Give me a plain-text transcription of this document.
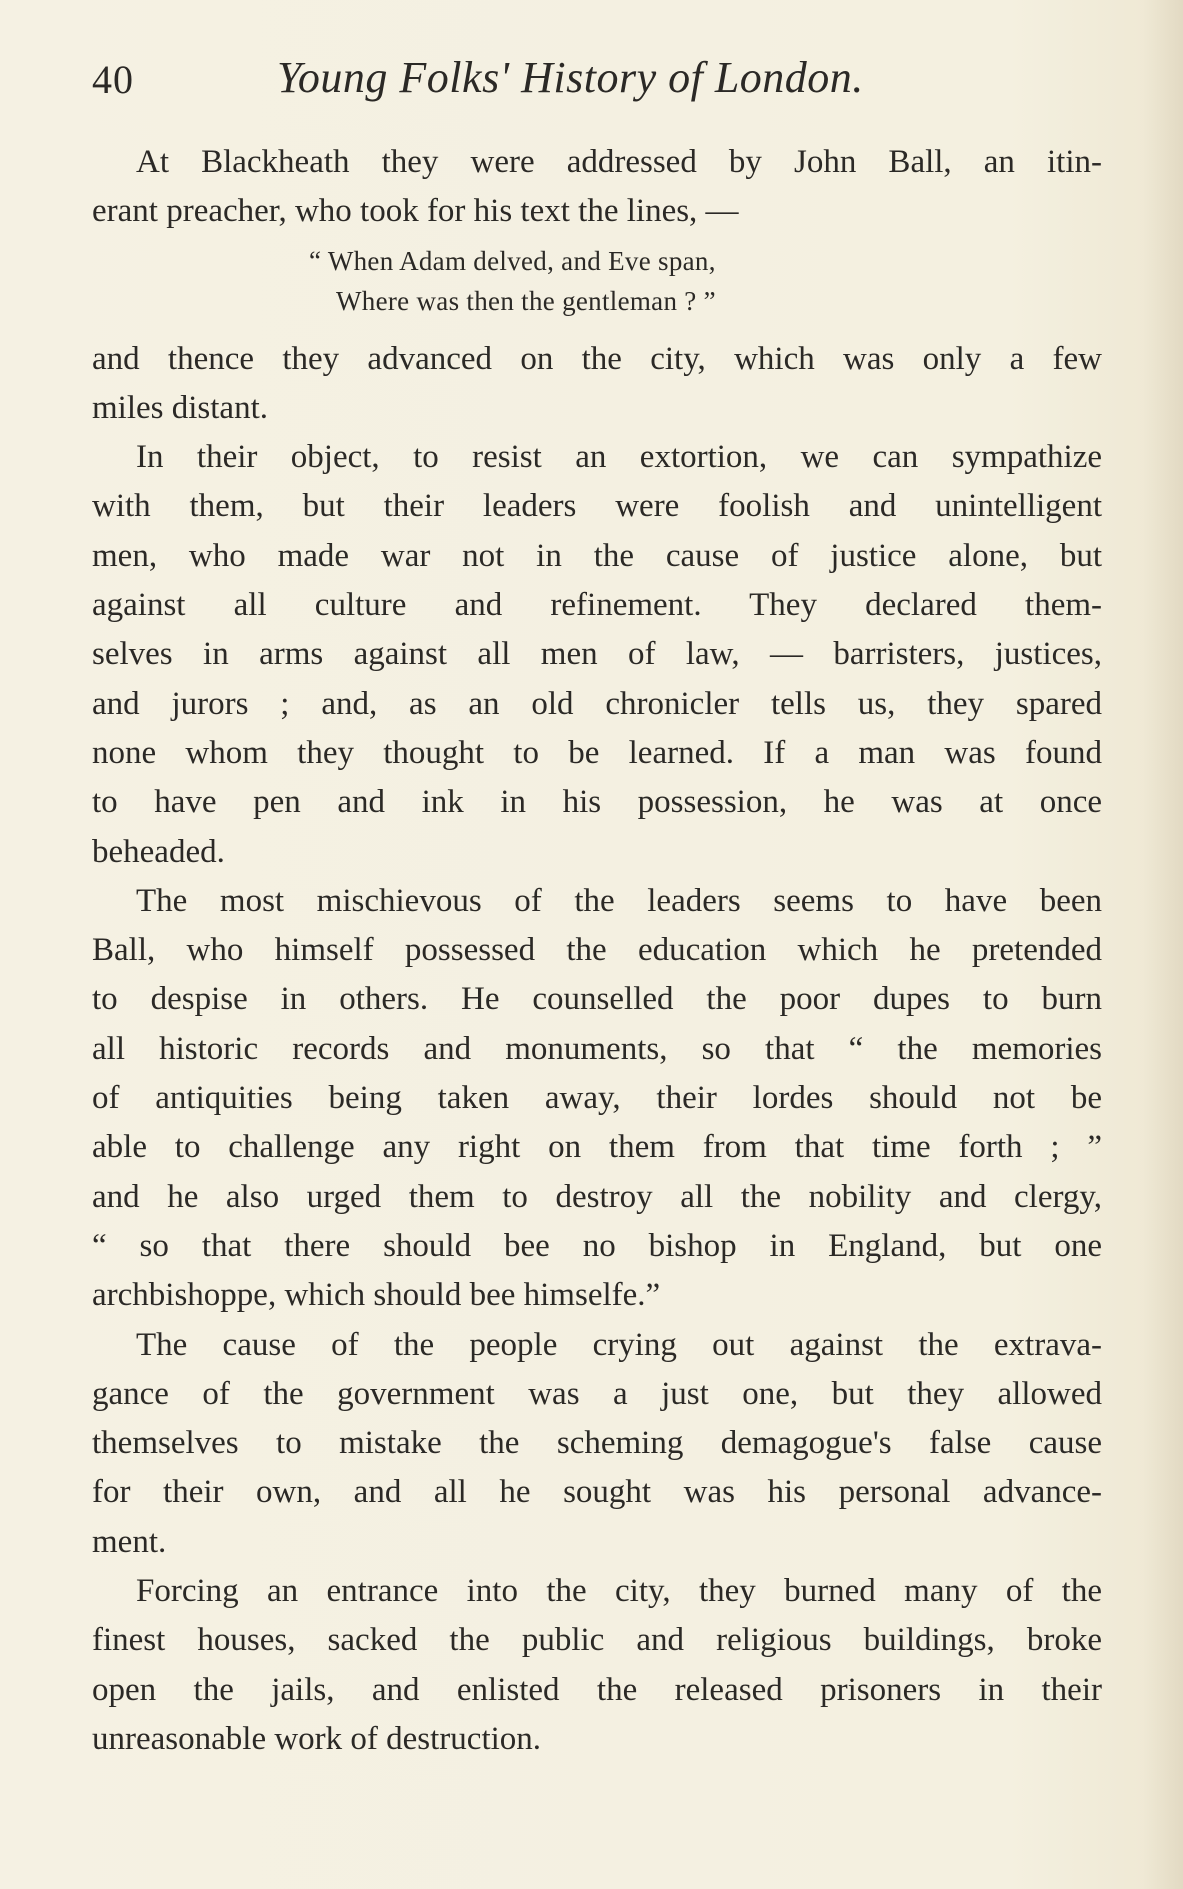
40	Young Folks' History of London.
At Blackheath they were addressed by John Ball, an itin-
erant preacher, who took for his text the lines, —
“ When Adam delved, and Eve span,
Where was then the gentleman ? ”
and thence they advanced on the city, which was only a few
miles distant.
In their object, to resist an extortion, we can sympathize
with them, but their leaders were foolish and unintelligent
men, who made war not in the cause of justice alone, but
against all culture and refinement. They declared them-
selves in arms against all men of law, — barristers, justices,
and jurors ; and, as an old chronicler tells us, they spared
none whom they thought to be learned. If a man was found
to have pen and ink in his possession, he was at once
beheaded.
The most mischievous of the leaders seems to have been
Ball, who himself possessed the education which he pretended
to despise in others. He counselled the poor dupes to burn
all historic records and monuments, so that “ the memories
of antiquities being taken away, their lordes should not be
able to challenge any right on them from that time forth ; ”
and he also urged them to destroy all the nobility and clergy,
“ so that there should bee no bishop in England, but one
archbishoppe, which should bee himselfe.”
The cause of the people crying out against the extrava-
gance of the government was a just one, but they allowed
themselves to mistake the scheming demagogue's false cause
for their own, and all he sought was his personal advance-
ment.
Forcing an entrance into the city, they burned many of the
finest houses, sacked the public and religious buildings, broke
open the jails, and enlisted the released prisoners in their
unreasonable work of destruction.
